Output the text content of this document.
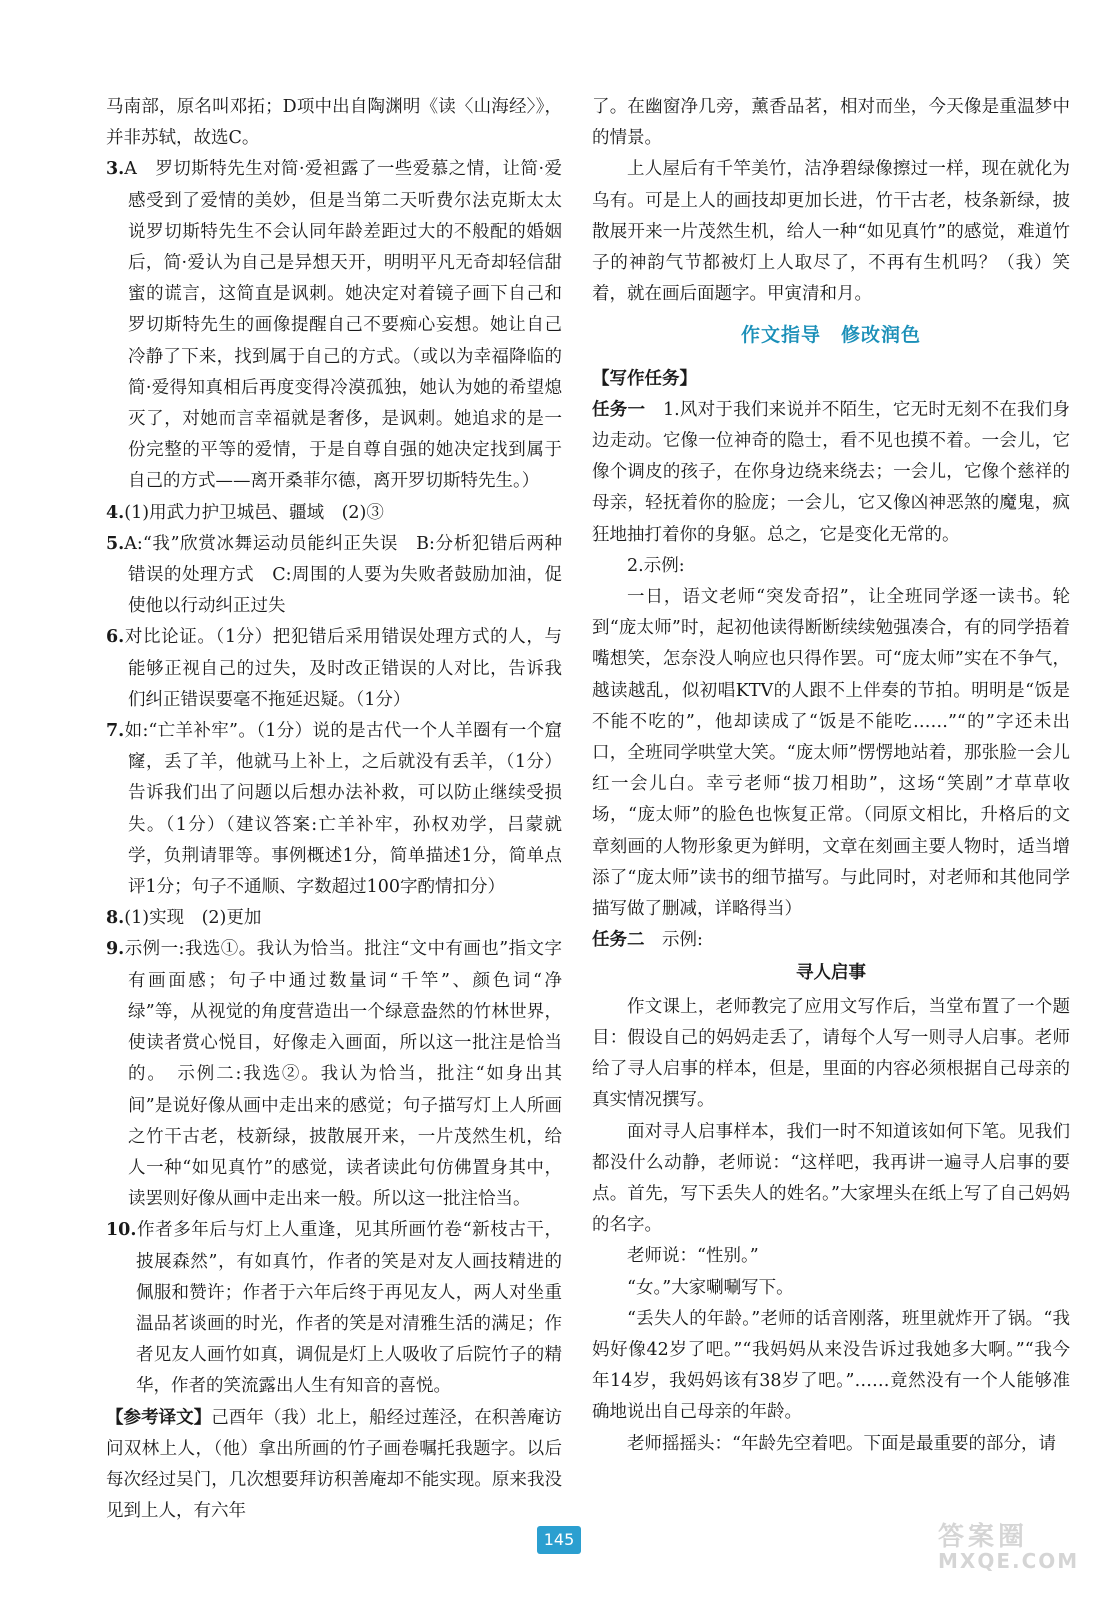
马南部，原名叫邓拓；D项中出自陶渊明《读〈山海经〉》，并非苏轼，故选C。

3.A　罗切斯特先生对简·爱袒露了一些爱慕之情，让简·爱感受到了爱情的美妙，但是当第二天听费尔法克斯太太说罗切斯特先生不会认同年龄差距过大的不般配的婚姻后，简·爱认为自己是异想天开，明明平凡无奇却轻信甜蜜的谎言，这简直是讽刺。她决定对着镜子画下自己和罗切斯特先生的画像提醒自己不要痴心妄想。她让自己冷静了下来，找到属于自己的方式。（或以为幸福降临的简·爱得知真相后再度变得冷漠孤独，她认为她的希望熄灭了，对她而言幸福就是奢侈，是讽刺。她追求的是一份完整的平等的爱情，于是自尊自强的她决定找到属于自己的方式——离开桑菲尔德，离开罗切斯特先生。）

4.(1)用武力护卫城邑、疆域　(2)③

5.A:“我”欣赏冰舞运动员能纠正失误　B:分析犯错后两种错误的处理方式　C:周围的人要为失败者鼓励加油，促使他以行动纠正过失

6.对比论证。（1分）把犯错后采用错误处理方式的人，与能够正视自己的过失，及时改正错误的人对比，告诉我们纠正错误要毫不拖延迟疑。（1分）

7.如:“亡羊补牢”。（1分）说的是古代一个人羊圈有一个窟窿，丢了羊，他就马上补上，之后就没有丢羊，（1分）告诉我们出了问题以后想办法补救，可以防止继续受损失。（1分）（建议答案:亡羊补牢，孙权劝学，吕蒙就学，负荆请罪等。事例概述1分，简单描述1分，简单点评1分；句子不通顺、字数超过100字酌情扣分）

8.(1)实现　(2)更加

9.示例一:我选①。我认为恰当。批注“文中有画也”指文字有画面感；句子中通过数量词“千竿”、颜色词“净绿”等，从视觉的角度营造出一个绿意盎然的竹林世界，使读者赏心悦目，好像走入画面，所以这一批注是恰当的。　示例二:我选②。我认为恰当，批注“如身出其间”是说好像从画中走出来的感觉；句子描写灯上人所画之竹干古老，枝新绿，披散展开来，一片茂然生机，给人一种“如见真竹”的感觉，读者读此句仿佛置身其中，读罢则好像从画中走出来一般。所以这一批注恰当。

10.作者多年后与灯上人重逢，见其所画竹卷“新枝古干，披展森然”，有如真竹，作者的笑是对友人画技精进的佩服和赞许；作者于六年后终于再见友人，两人对坐重温品茗谈画的时光，作者的笑是对清雅生活的满足；作者见友人画竹如真，调侃是灯上人吸收了后院竹子的精华，作者的笑流露出人生有知音的喜悦。

【参考译文】己酉年（我）北上，船经过莲泾，在积善庵访问双林上人，（他）拿出所画的竹子画卷嘱托我题字。以后每次经过吴门，几次想要拜访积善庵却不能实现。原来我没见到上人，有六年

了。在幽窗净几旁，薰香品茗，相对而坐，今天像是重温梦中的情景。

上人屋后有千竿美竹，洁净碧绿像擦过一样，现在就化为乌有。可是上人的画技却更加长进，竹干古老，枝条新绿，披散展开来一片茂然生机，给人一种“如见真竹”的感觉，难道竹子的神韵气节都被灯上人取尽了，不再有生机吗？（我）笑着，就在画后面题字。甲寅清和月。

作文指导　修改润色

【写作任务】

任务一　 1.风对于我们来说并不陌生，它无时无刻不在我们身边走动。它像一位神奇的隐士，看不见也摸不着。一会儿，它像个调皮的孩子，在你身边绕来绕去；一会儿，它像个慈祥的母亲，轻抚着你的脸庞；一会儿，它又像凶神恶煞的魔鬼，疯狂地抽打着你的身躯。总之，它是变化无常的。

2.示例:

一日，语文老师“突发奇招”，让全班同学逐一读书。轮到“庞太师”时，起初他读得断断续续勉强凑合，有的同学捂着嘴想笑，怎奈没人响应也只得作罢。可“庞太师”实在不争气，越读越乱，似初唱KTV的人跟不上伴奏的节拍。明明是“饭是不能不吃的”，他却读成了“饭是不能吃……”“的”字还未出口，全班同学哄堂大笑。“庞太师”愣愣地站着，那张脸一会儿红一会儿白。幸亏老师“拔刀相助”，这场“笑剧”才草草收场，“庞太师”的脸色也恢复正常。（同原文相比，升格后的文章刻画的人物形象更为鲜明，文章在刻画主要人物时，适当增添了“庞太师”读书的细节描写。与此同时，对老师和其他同学描写做了删减，详略得当）

任务二　 示例:

寻人启事

作文课上，老师教完了应用文写作后，当堂布置了一个题目：假设自己的妈妈走丢了，请每个人写一则寻人启事。老师给了寻人启事的样本，但是，里面的内容必须根据自己母亲的真实情况撰写。

面对寻人启事样本，我们一时不知道该如何下笔。见我们都没什么动静，老师说：“这样吧，我再讲一遍寻人启事的要点。首先，写下丢失人的姓名。”大家埋头在纸上写了自己妈妈的名字。

老师说：“性别。”

“女。”大家唰唰写下。

“丢失人的年龄。”老师的话音刚落，班里就炸开了锅。“我妈好像42岁了吧。”“我妈妈从来没告诉过我她多大啊。”“我今年14岁，我妈妈该有38岁了吧。”……竟然没有一个人能够准确地说出自己母亲的年龄。

老师摇摇头：“年龄先空着吧。下面是最重要的部分，请

145	答案圈
MXQE.COM
